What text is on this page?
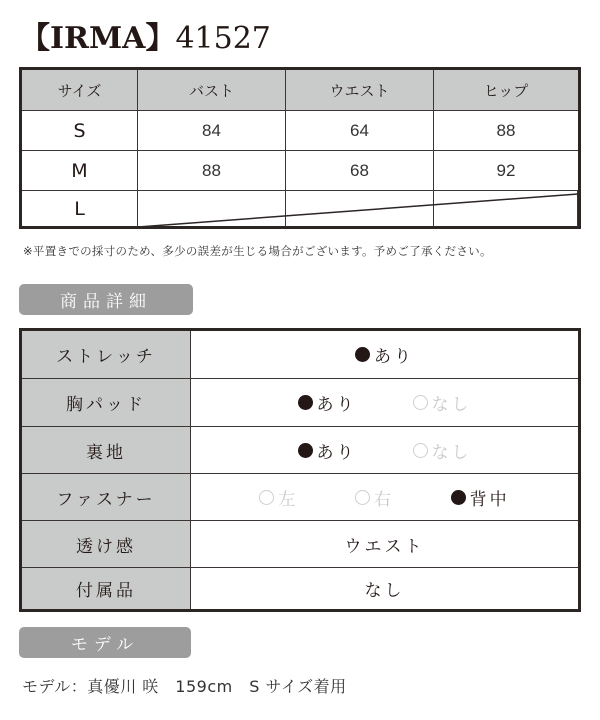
【IRMA】41527
サイズ	バスト	ウエスト	ヒップ
S	84	64	88
M	88	68	92
L
※平置きでの採寸のため、多少の誤差が生じる場合がございます。予めご了承ください。
商品詳細
ストレッチ	あり
胸パッド	あり	なし
裏地	あり	なし
ファスナー	左	右	背中
透け感	ウエスト
付属品	なし
モデル
モデル：真優川 咲　159cm　S サイズ着用
